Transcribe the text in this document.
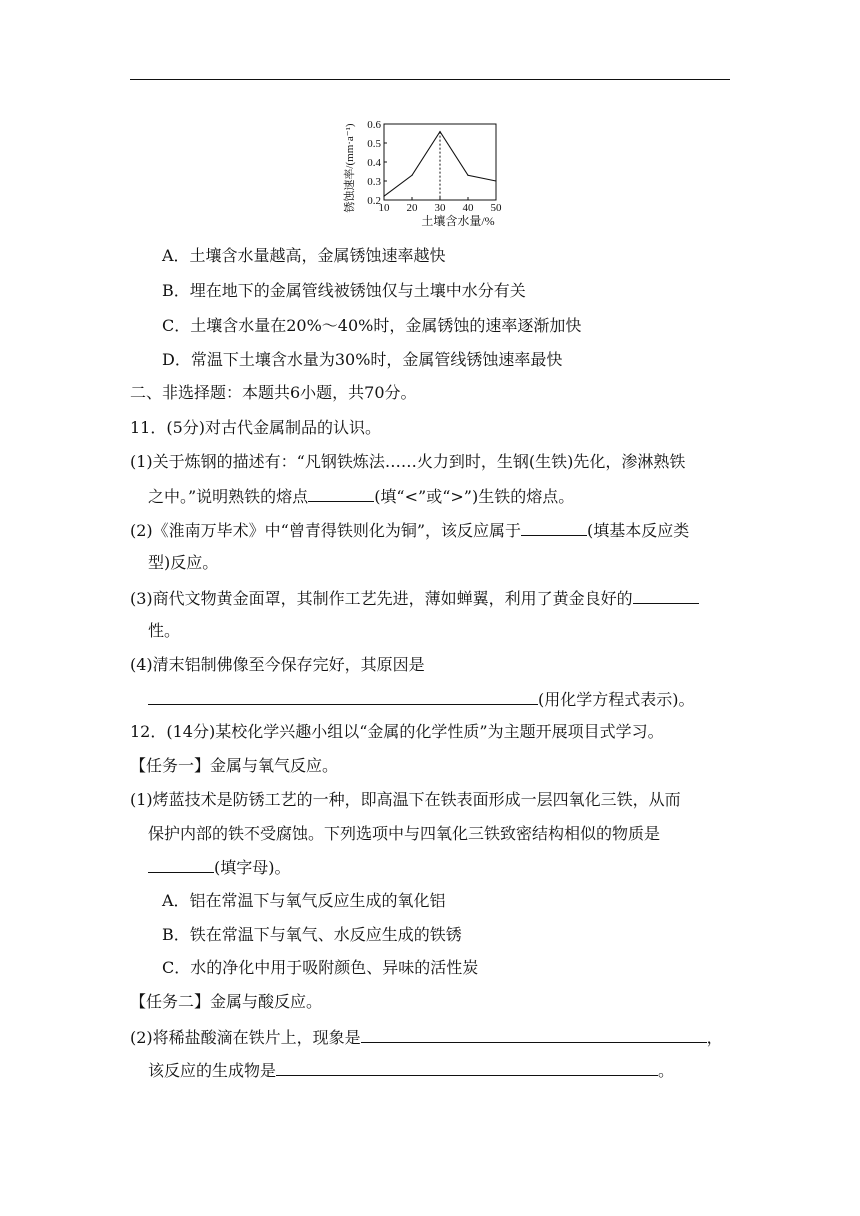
10 20 30 40 50
0.2
0.3
0.4
0.5
0.6
土壤含水量/%
锈蚀速率/(mm·a⁻¹)
A．土壤含水量越高，金属锈蚀速率越快
B．埋在地下的金属管线被锈蚀仅与土壤中水分有关
C．土壤含水量在20%～40%时，金属锈蚀的速率逐渐加快
D．常温下土壤含水量为30%时，金属管线锈蚀速率最快
二、非选择题：本题共6小题，共70分。
11．(5分)对古代金属制品的认识。
(1)关于炼钢的描述有：“凡钢铁炼法……火力到时，生钢(生铁)先化，渗淋熟铁
之中。”说明熟铁的熔点	(填“<”或“>”)生铁的熔点。
(2)《淮南万毕术》中“曾青得铁则化为铜”，该反应属于	(填基本反应类
型)反应。
(3)商代文物黄金面罩，其制作工艺先进，薄如蝉翼，利用了黄金良好的
性。
(4)清末铝制佛像至今保存完好，其原因是
(用化学方程式表示)。
12．(14分)某校化学兴趣小组以“金属的化学性质”为主题开展项目式学习。
【任务一】金属与氧气反应。
(1)烤蓝技术是防锈工艺的一种，即高温下在铁表面形成一层四氧化三铁，从而
保护内部的铁不受腐蚀。下列选项中与四氧化三铁致密结构相似的物质是
(填字母)。
A．铝在常温下与氧气反应生成的氧化铝
B．铁在常温下与氧气、水反应生成的铁锈
C．水的净化中用于吸附颜色、异味的活性炭
【任务二】金属与酸反应。
(2)将稀盐酸滴在铁片上，现象是	，
该反应的生成物是	。
